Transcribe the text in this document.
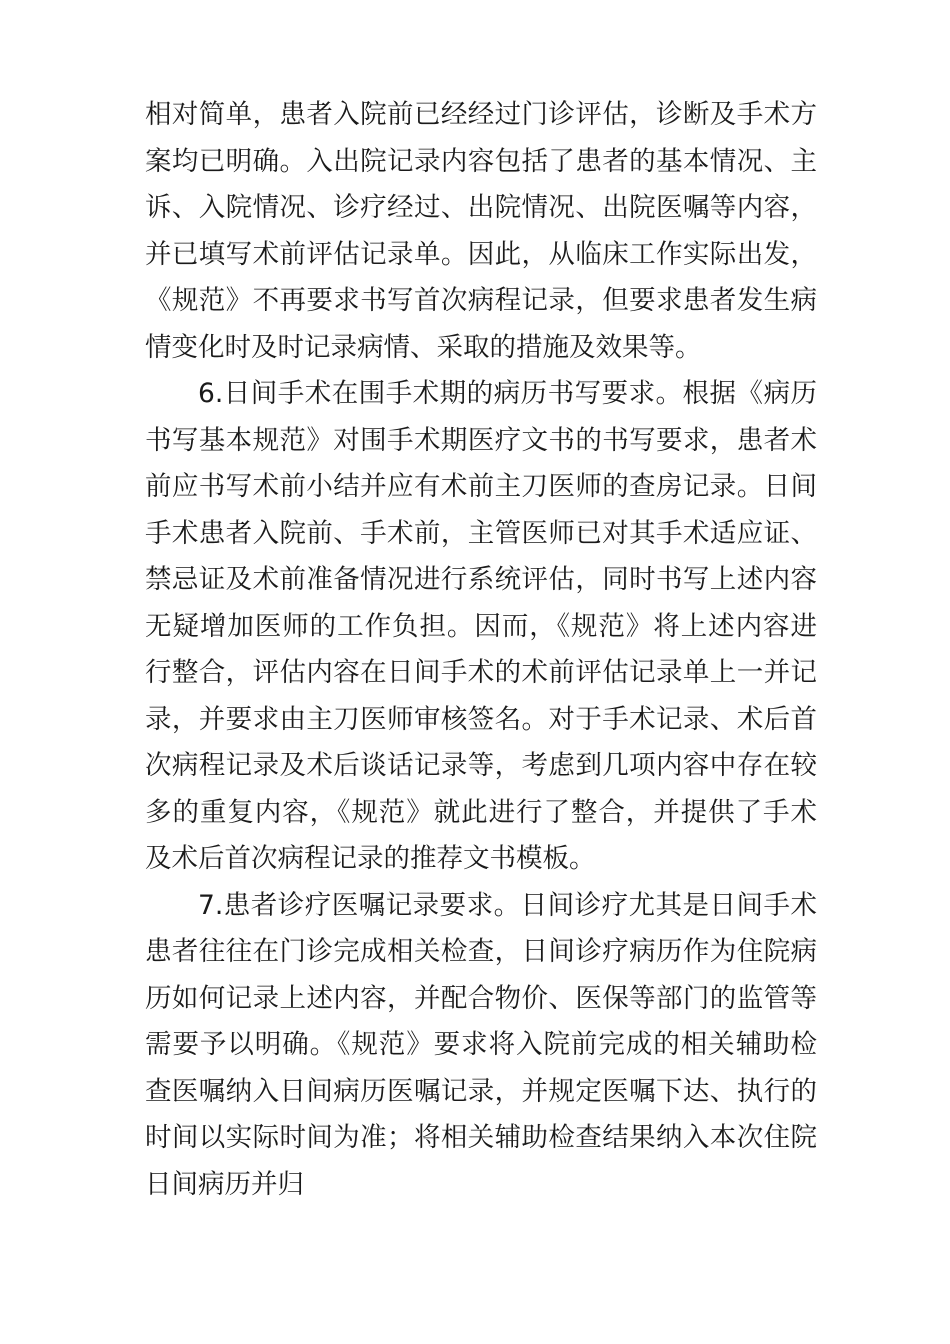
相对简单，患者入院前已经经过门诊评估，诊断及手术方案均已明确。入出院记录内容包括了患者的基本情况、主诉、入院情况、诊疗经过、出院情况、出院医嘱等内容，并已填写术前评估记录单。因此，从临床工作实际出发，《规范》不再要求书写首次病程记录，但要求患者发生病情变化时及时记录病情、采取的措施及效果等。

6.日间手术在围手术期的病历书写要求。根据《病历书写基本规范》对围手术期医疗文书的书写要求，患者术前应书写术前小结并应有术前主刀医师的查房记录。日间手术患者入院前、手术前，主管医师已对其手术适应证、禁忌证及术前准备情况进行系统评估，同时书写上述内容无疑增加医师的工作负担。因而，《规范》将上述内容进行整合，评估内容在日间手术的术前评估记录单上一并记录，并要求由主刀医师审核签名。对于手术记录、术后首次病程记录及术后谈话记录等，考虑到几项内容中存在较多的重复内容，《规范》就此进行了整合，并提供了手术及术后首次病程记录的推荐文书模板。

7.患者诊疗医嘱记录要求。日间诊疗尤其是日间手术患者往往在门诊完成相关检查，日间诊疗病历作为住院病历如何记录上述内容，并配合物价、医保等部门的监管等需要予以明确。《规范》要求将入院前完成的相关辅助检查医嘱纳入日间病历医嘱记录，并规定医嘱下达、执行的时间以实际时间为准；将相关辅助检查结果纳入本次住院日间病历并归
